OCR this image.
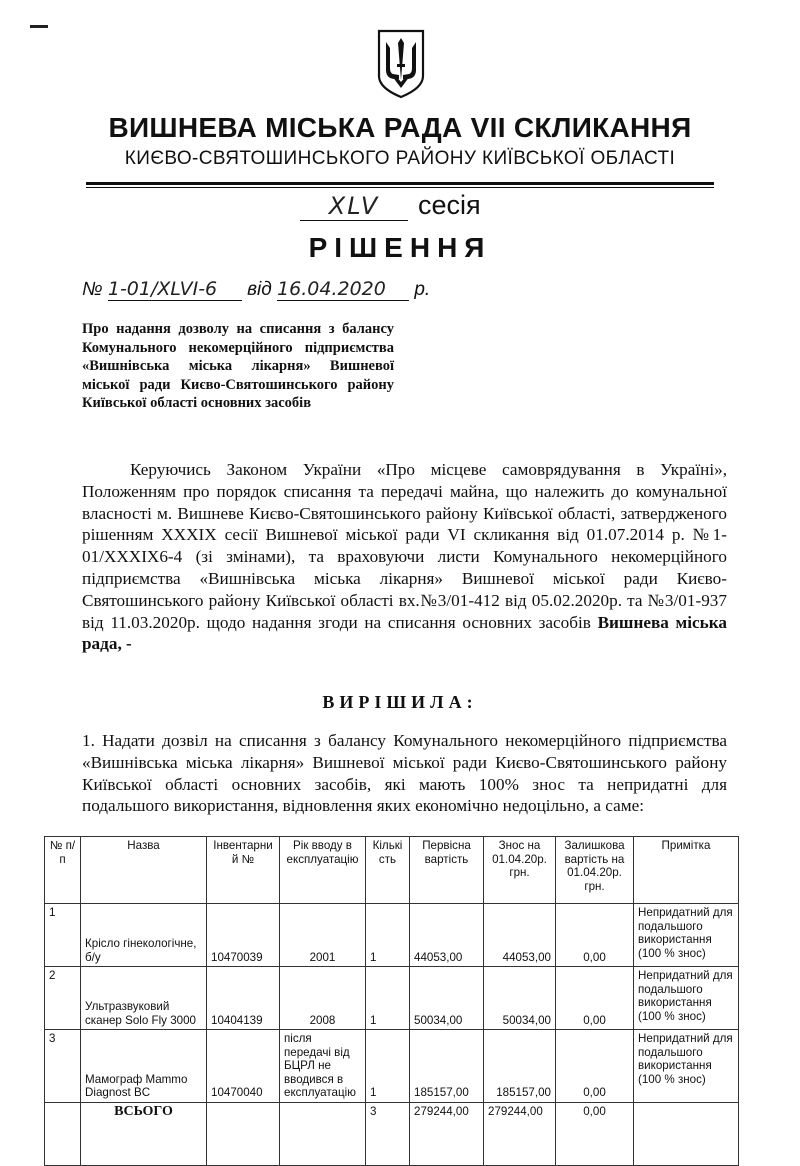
ВИШНЕВА МІСЬКА РАДА VII СКЛИКАННЯ
КИЄВО-СВЯТОШИНСЬКОГО РАЙОНУ КИЇВСЬКОЇ ОБЛАСТІ
XLV сесія
РІШЕННЯ
№ 1-01/XLVI-6 від 16.04.2020 р.
Про надання дозволу на списання з балансу Комунального некомерційного підприємства «Вишнівська міська лікарня» Вишневої міської ради Києво-Святошинського району Київської області основних засобів
Керуючись Законом України «Про місцеве самоврядування в Україні», Положенням про порядок списання та передачі майна, що належить до комунальної власності м. Вишневе Києво-Святошинського району Київської області, затвердженого рішенням XXXIX сесії Вишневої міської ради VI скликання від 01.07.2014 р. №1-01/XXXIX6-4 (зі змінами), та враховуючи листи Комунального некомерційного підприємства «Вишнівська міська лікарня» Вишневої міської ради Києво-Святошинського району Київської області вх.№3/01-412 від 05.02.2020р. та №3/01-937 від 11.03.2020р. щодо надання згоди на списання основних засобів Вишнева міська рада, -
ВИРІШИЛА:
1. Надати дозвіл на списання з балансу Комунального некомерційного підприємства «Вишнівська міська лікарня» Вишневої міської ради Києво-Святошинського району Київської області основних засобів, які мають 100% знос та непридатні для подальшого використання, відновлення яких економічно недоцільно, а саме:
№ п/п	Назва	Інвентарни й №	Рік вводу в експлуатацію	Кількі сть	Первісна вартість	Знос на 01.04.20р. грн.	Залишкова вартість на 01.04.20р. грн.	Примітка
1	Крісло гінекологічне, б/у	10470039	2001	1	44053,00	44053,00	0,00	Непридатний для подальшого використання (100 % знос)
2	Ультразвуковий сканер Solo Fly 3000	10404139	2008	1	50034,00	50034,00	0,00	Непридатний для подальшого використання (100 % знос)
3	Мамограф Mammo Diagnost BC	10470040	після передачі від БЦРЛ не вводився в експлуатацію	1	185157,00	185157,00	0,00	Непридатний для подальшого використання (100 % знос)
	ВСЬОГО			3	279244,00	279244,00	0,00	
